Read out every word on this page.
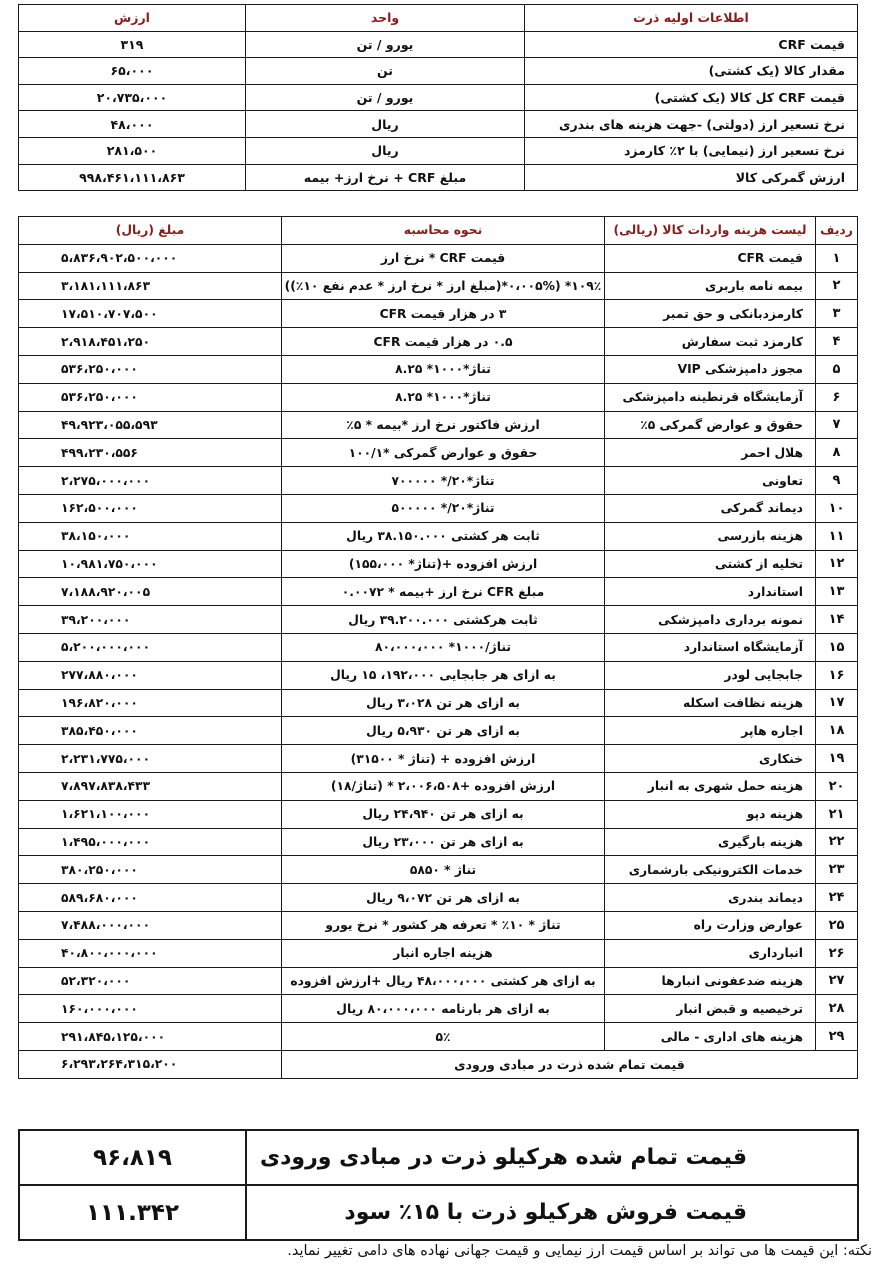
اطلاعات اولیه ذرت	واحد	ارزش
قیمت CRF	یورو / تن	۳۱۹
مقدار کالا (یک کشتی)	تن	۶۵،۰۰۰
قیمت CRF کل کالا (یک کشتی)	یورو / تن	۲۰،۷۳۵،۰۰۰
نرخ تسعیر ارز (دولتی) -جهت هزینه های بندری	ریال	۴۸،۰۰۰
نرخ تسعیر ارز (نیمایی) با ۲٪ کارمزد	ریال	۲۸۱،۵۰۰
ارزش گمرکی کالا	مبلغ CRF + نرخ ارز+ بیمه	۹۹۸،۴۶۱،۱۱۱،۸۶۳
ردیف	لیست هزینه واردات کالا (ریالی)	نحوه محاسبه	مبلغ (ریال)
۱	قیمت CFR	قیمت CRF * نرخ ارز	۵،۸۳۶،۹۰۲،۵۰۰،۰۰۰
۲	بیمه نامه باربری	۱۰۹٪* (۰،۰۰۵%*(مبلغ ارز * نرخ ارز * عدم نفع ۱۰٪))	۳،۱۸۱،۱۱۱،۸۶۳
۳	کارمزدبانکی و حق تمبر	۳ در هزار قیمت CFR	۱۷،۵۱۰،۷۰۷،۵۰۰
۴	کارمزد ثبت سفارش	۰.۵ در هزار قیمت CFR	۲،۹۱۸،۴۵۱،۲۵۰
۵	مجوز دامپزشکی VIP	تناژ*۱۰۰۰* ۸.۲۵	۵۳۶،۲۵۰،۰۰۰
۶	آزمایشگاه قرنطینه دامپزشکی	تناژ*۱۰۰۰* ۸.۲۵	۵۳۶،۲۵۰،۰۰۰
۷	حقوق و عوارض گمرکی ۵٪	ارزش فاکتور نرخ ارز *بیمه * ۵٪	۴۹،۹۲۳،۰۵۵،۵۹۳
۸	هلال احمر	حقوق و عوارض گمرکی *۱۰۰/۱	۴۹۹،۲۳۰،۵۵۶
۹	تعاونی	تناژ*۲۰/* ۷۰۰۰۰۰	۲،۲۷۵،۰۰۰،۰۰۰
۱۰	دیماند گمرکی	تناژ*۲۰/* ۵۰۰۰۰۰	۱۶۲،۵۰۰،۰۰۰
۱۱	هزینه بازرسی	ثابت هر کشتی ۳۸.۱۵۰.۰۰۰ ریال	۳۸،۱۵۰،۰۰۰
۱۲	تخلیه از کشتی	ارزش افزوده +(تناژ* ۱۵۵،۰۰۰)	۱۰،۹۸۱،۷۵۰،۰۰۰
۱۳	استاندارد	مبلغ CFR نرخ ارز +بیمه * ۰.۰۰۷۲	۷،۱۸۸،۹۲۰،۰۰۵
۱۴	نمونه برداری دامپزشکی	ثابت هرکشتی ۳۹.۲۰۰.۰۰۰ ریال	۳۹،۲۰۰،۰۰۰
۱۵	آزمایشگاه استاندارد	تناژ/۱۰۰۰* ۸۰،۰۰۰،۰۰۰	۵،۲۰۰،۰۰۰،۰۰۰
۱۶	جابجایی لودر	به ازای هر جابجایی ۱۹۲،۰۰۰، ۱۵ ریال	۲۷۷،۸۸۰،۰۰۰
۱۷	هزینه نظافت اسکله	به ازای هر تن ۳،۰۲۸ ریال	۱۹۶،۸۲۰،۰۰۰
۱۸	اجاره هاپر	به ازای هر تن ۵،۹۳۰ ریال	۳۸۵،۴۵۰،۰۰۰
۱۹	خنکاری	ارزش افزوده + (تناژ * ۳۱۵۰۰)	۲،۲۳۱،۷۷۵،۰۰۰
۲۰	هزینه حمل شهری به انبار	ارزش افزوده +۲،۰۰۶،۵۰۸ * (تناژ/۱۸)	۷،۸۹۷،۸۳۸،۴۳۳
۲۱	هزینه دپو	به ازای هر تن ۲۴،۹۴۰ ریال	۱،۶۲۱،۱۰۰،۰۰۰
۲۲	هزینه بارگیری	به ازای هر تن ۲۳،۰۰۰ ریال	۱،۴۹۵،۰۰۰،۰۰۰
۲۳	خدمات الکترونیکی بارشماری	تناژ * ۵۸۵۰	۳۸۰،۲۵۰،۰۰۰
۲۴	دیماند بندری	به ازای هر تن ۹،۰۷۲ ریال	۵۸۹،۶۸۰،۰۰۰
۲۵	عوارض وزارت راه	تناژ * ۱۰٪ * تعرفه هر کشور * نرخ یورو	۷،۴۸۸،۰۰۰،۰۰۰
۲۶	انبارداری	هزینه اجاره انبار	۴۰،۸۰۰،۰۰۰،۰۰۰
۲۷	هزینه ضدعفونی انبارها	به ازای هر کشتی ۴۸،۰۰۰،۰۰۰ ریال +ارزش افزوده	۵۲،۳۲۰،۰۰۰
۲۸	ترخیصیه و قبض انبار	به ازای هر بارنامه ۸۰،۰۰۰،۰۰۰ ریال	۱۶۰،۰۰۰،۰۰۰
۲۹	هزینه های اداری - مالی	۵٪	۲۹۱،۸۴۵،۱۲۵،۰۰۰
قیمت تمام شده ذرت در مبادی ورودی			۶،۲۹۳،۲۶۴،۳۱۵،۲۰۰
قیمت تمام شده هرکیلو ذرت در مبادی ورودی	۹۶،۸۱۹
قیمت فروش هرکیلو ذرت با ۱۵٪ سود	۱۱۱.۳۴۲
نکته: این قیمت ها می تواند بر اساس قیمت ارز نیمایی و قیمت جهانی نهاده های دامی تغییر نماید.
